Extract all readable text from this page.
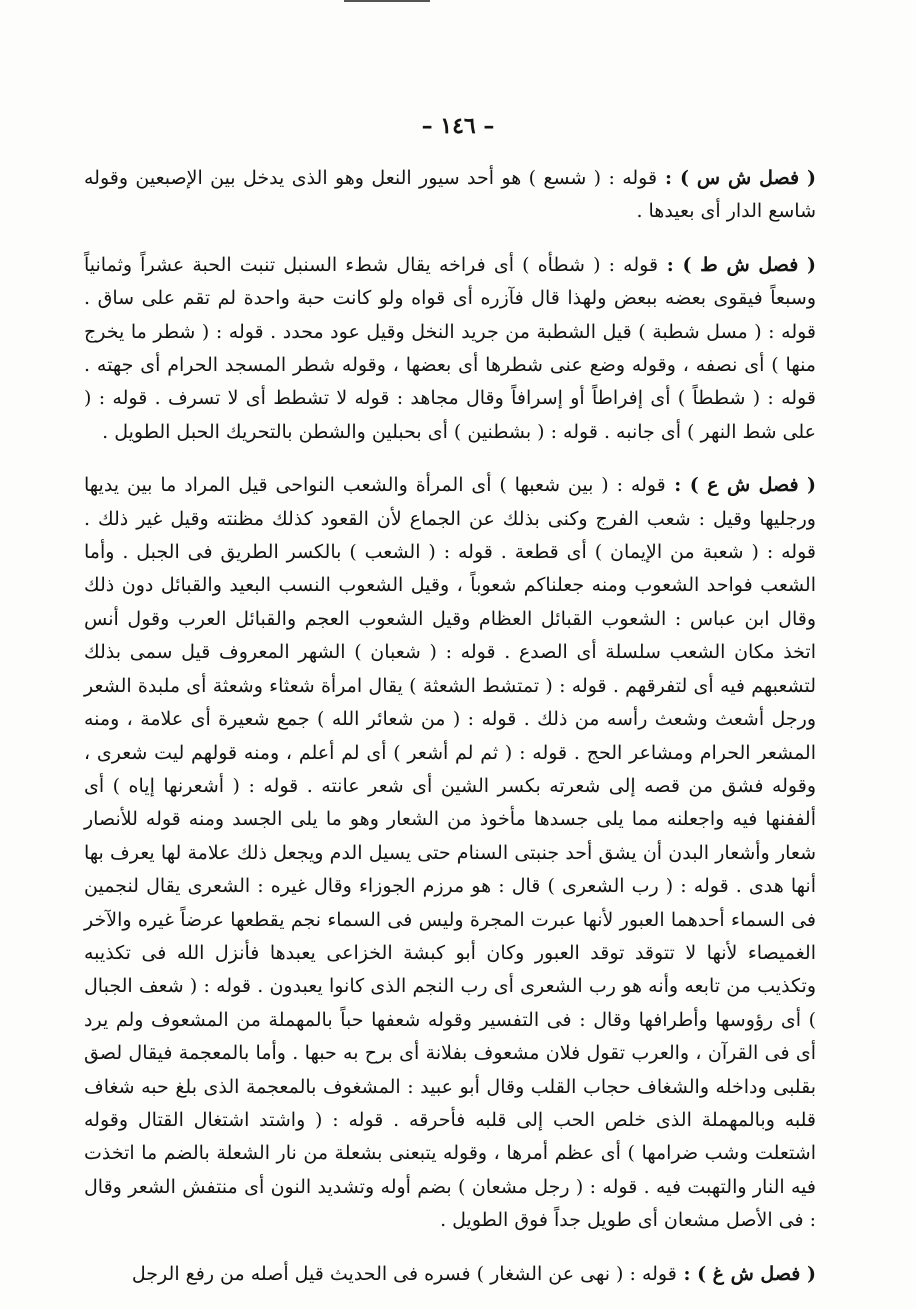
– ١٤٦ –

( فصل ش س ) : قوله : ( شسع ) هو أحد سيور النعل وهو الذى يدخل بين الإصبعين وقوله شاسع الدار أى بعيدها .

( فصل ش ط ) : قوله : ( شطأه ) أى فراخه يقال شطء السنبل تنبت الحبة عشراً وثمانياً وسبعاً فيقوى بعضه ببعض ولهذا قال فآزره أى قواه ولو كانت حبة واحدة لم تقم على ساق . قوله : ( مسل شطبة ) قيل الشطبة من جريد النخل وقيل عود محدد . قوله : ( شطر ما يخرج منها ) أى نصفه ، وقوله وضع عنى شطرها أى بعضها ، وقوله شطر المسجد الحرام أى جهته . قوله : ( شططاً ) أى إفراطاً أو إسرافاً وقال مجاهد : قوله لا تشطط أى لا تسرف . قوله : ( على شط النهر ) أى جانبه . قوله : ( بشطنين ) أى بحبلين والشطن بالتحريك الحبل الطويل .

( فصل ش ع ) : قوله : ( بين شعبها ) أى المرأة والشعب النواحى قيل المراد ما بين يديها ورجليها وقيل : شعب الفرج وكنى بذلك عن الجماع لأن القعود كذلك مظنته وقيل غير ذلك . قوله : ( شعبة من الإيمان ) أى قطعة . قوله : ( الشعب ) بالكسر الطريق فى الجبل . وأما الشعب فواحد الشعوب ومنه جعلناكم شعوباً ، وقيل الشعوب النسب البعيد والقبائل دون ذلك وقال ابن عباس : الشعوب القبائل العظام وقيل الشعوب العجم والقبائل العرب وقول أنس اتخذ مكان الشعب سلسلة أى الصدع . قوله : ( شعبان ) الشهر المعروف قيل سمى بذلك لتشعبهم فيه أى لتفرقهم . قوله : ( تمتشط الشعثة ) يقال امرأة شعثاء وشعثة أى ملبدة الشعر ورجل أشعث وشعث رأسه من ذلك . قوله : ( من شعائر الله ) جمع شعيرة أى علامة ، ومنه المشعر الحرام ومشاعر الحج . قوله : ( ثم لم أشعر ) أى لم أعلم ، ومنه قولهم ليت شعرى ، وقوله فشق من قصه إلى شعرته بكسر الشين أى شعر عانته . قوله : ( أشعرنها إياه ) أى ألففنها فيه واجعلنه مما يلى جسدها مأخوذ من الشعار وهو ما يلى الجسد ومنه قوله للأنصار شعار وأشعار البدن أن يشق أحد جنبتى السنام حتى يسيل الدم ويجعل ذلك علامة لها يعرف بها أنها هدى . قوله : ( رب الشعرى ) قال : هو مرزم الجوزاء وقال غيره : الشعرى يقال لنجمين فى السماء أحدهما العبور لأنها عبرت المجرة وليس فى السماء نجم يقطعها عرضاً غيره والآخر الغميصاء لأنها لا تتوقد توقد العبور وكان أبو كبشة الخزاعى يعبدها فأنزل الله فى تكذيبه وتكذيب من تابعه وأنه هو رب الشعرى أى رب النجم الذى كانوا يعبدون . قوله : ( شعف الجبال ) أى رؤوسها وأطرافها وقال : فى التفسير وقوله شعفها حباً بالمهملة من المشعوف ولم يرد أى فى القرآن ، والعرب تقول فلان مشعوف بفلانة أى برح به حبها . وأما بالمعجمة فيقال لصق بقلبى وداخله والشغاف حجاب القلب وقال أبو عبيد : المشغوف بالمعجمة الذى بلغ حبه شغاف قلبه وبالمهملة الذى خلص الحب إلى قلبه فأحرقه . قوله : ( واشتد اشتغال القتال وقوله اشتعلت وشب ضرامها ) أى عظم أمرها ، وقوله يتبعنى بشعلة من نار الشعلة بالضم ما اتخذت فيه النار والتهبت فيه . قوله : ( رجل مشعان ) بضم أوله وتشديد النون أى منتفش الشعر وقال : فى الأصل مشعان أى طويل جداً فوق الطويل .

( فصل ش غ ) : قوله : ( نهى عن الشغار ) فسره فى الحديث قيل أصله من رفع الرجل
